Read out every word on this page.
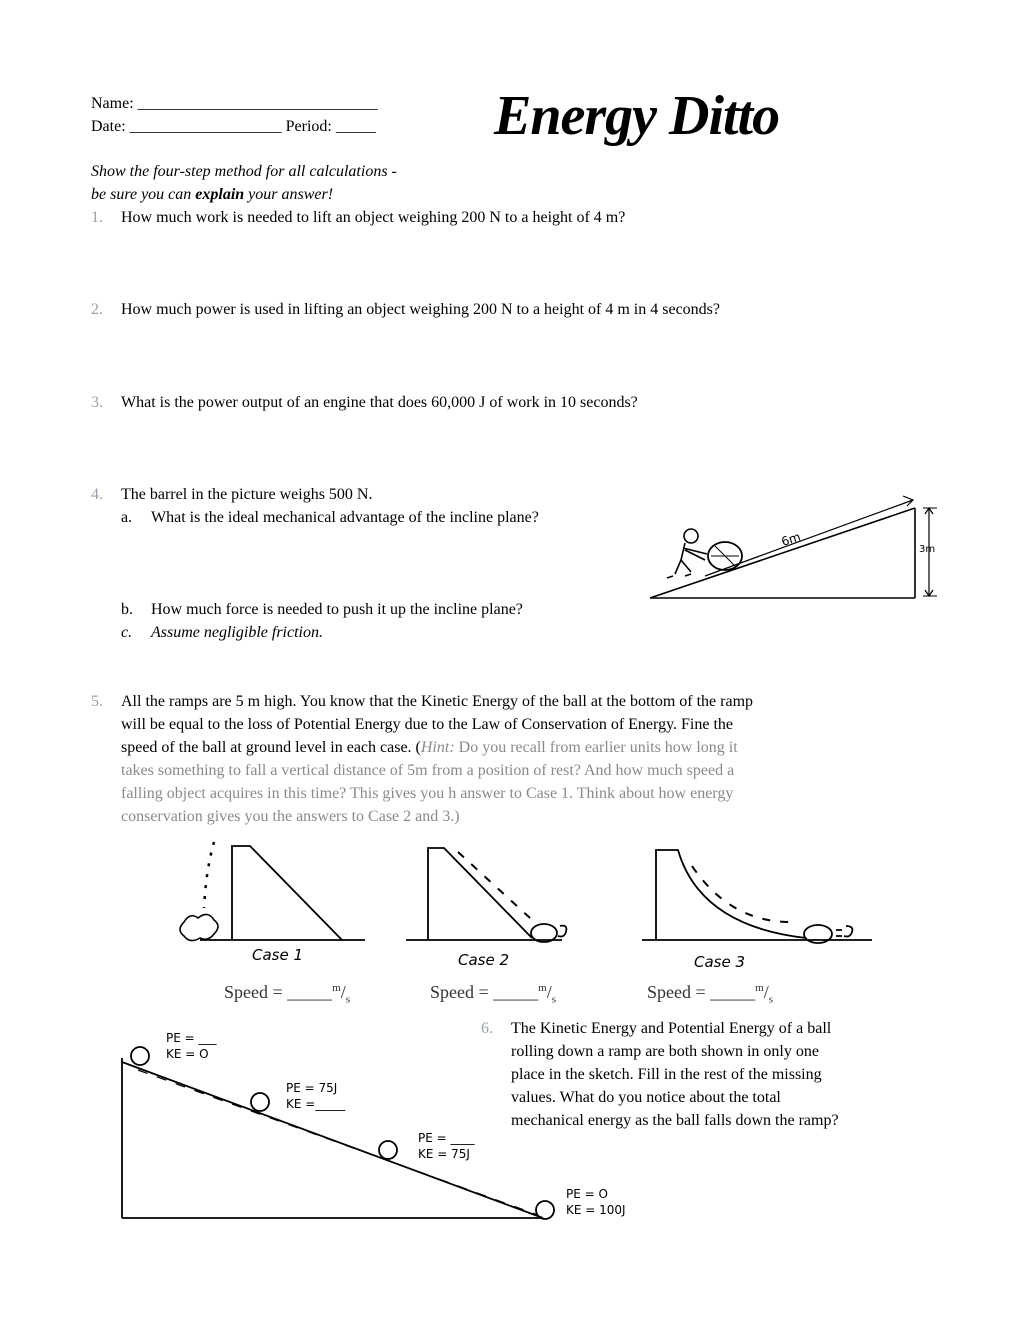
Name: ______________________________
Date: ___________________ Period: _____ Energy Ditto
Show the four-step method for all calculations -
be sure you can explain your answer!
1. How much work is needed to lift an object weighing 200 N to a height of 4 m?
2. How much power is used in lifting an object weighing 200 N to a height of 4 m in 4 seconds?
3. What is the power output of an engine that does 60,000 J of work in 10 seconds?
4. The barrel in the picture weighs 500 N.
a. What is the ideal mechanical advantage of the incline plane?
b. How much force is needed to push it up the incline plane?
c. Assume negligible friction.
6m
3m
5. All the ramps are 5 m high. You know that the Kinetic Energy of the ball at the bottom of the ramp
will be equal to the loss of Potential Energy due to the Law of Conservation of Energy. Fine the
speed of the ball at ground level in each case. (Hint: Do you recall from earlier units how long it
takes something to fall a vertical distance of 5m from a position of rest? And how much speed a
falling object acquires in this time? This gives you h answer to Case 1. Think about how energy
conservation gives you the answers to Case 2 and 3.)
Case 1	Case 2	Case 3
Speed = $\_\_\_\_\_^m/_s$	Speed = $\_\_\_\_\_^m/_s$	Speed = $\_\_\_\_\_^m/_s$
PE = ___
KE = O
PE = 75J
KE =_____
PE = ____
KE = 75J
PE = O
KE = 100J
6. The Kinetic Energy and Potential Energy of a ball
rolling down a ramp are both shown in only one
place in the sketch. Fill in the rest of the missing
values. What do you notice about the total
mechanical energy as the ball falls down the ramp?
